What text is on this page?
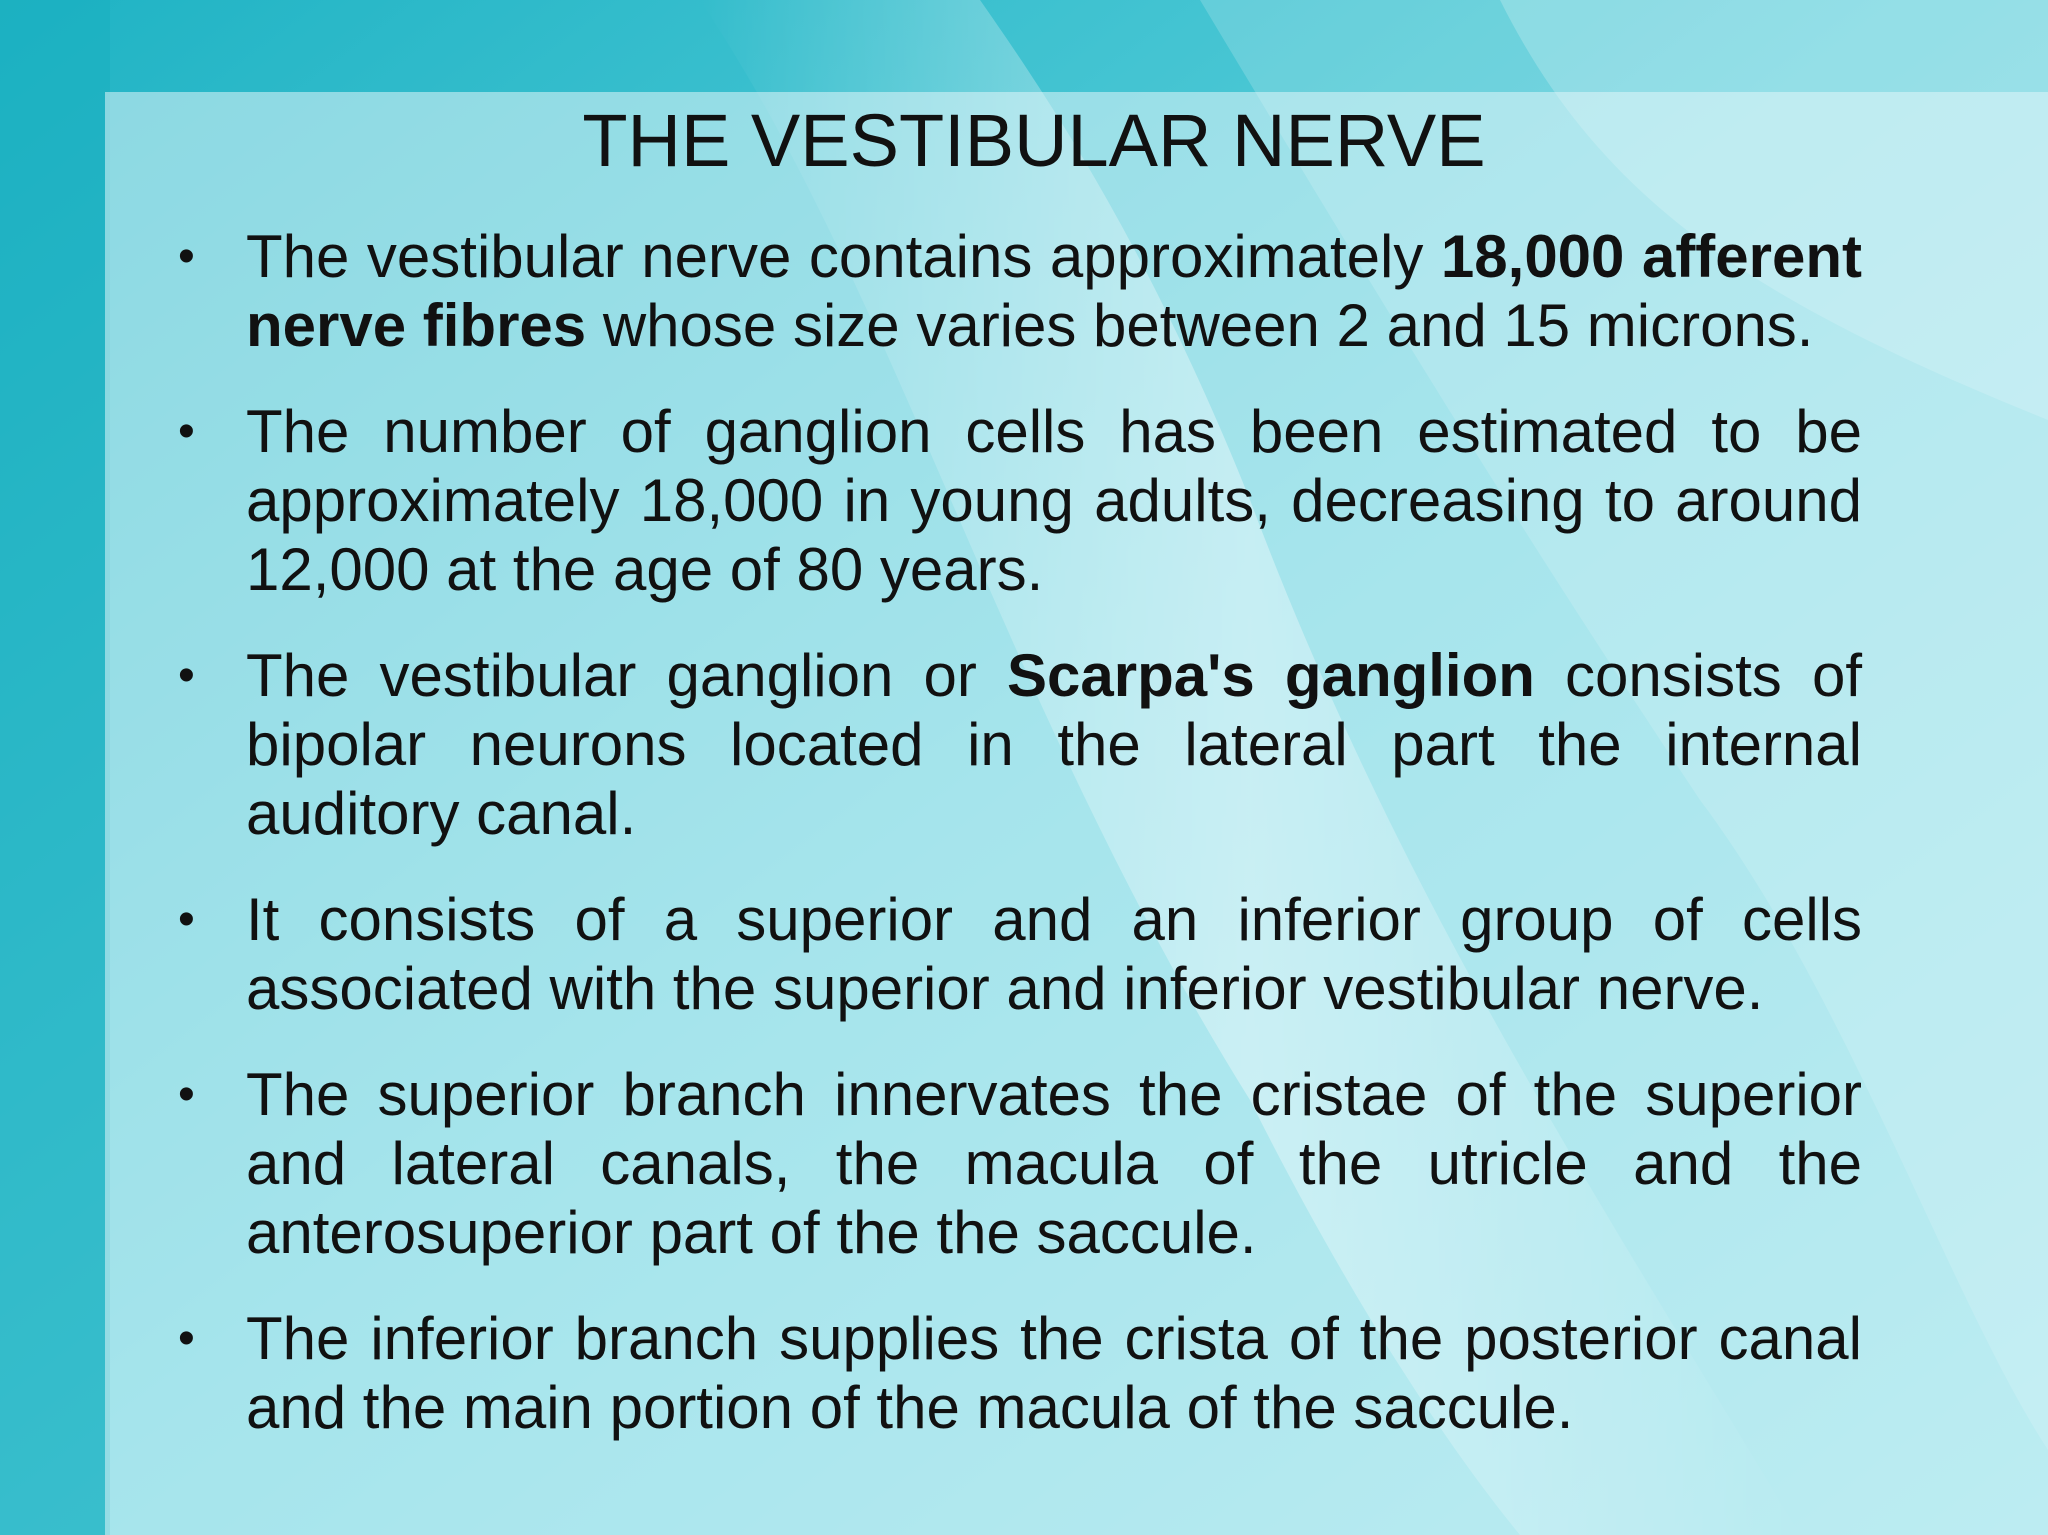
THE VESTIBULAR NERVE
• The vestibular nerve contains approximately 18,000 afferent nerve fibres whose size varies between 2 and 15 microns.
• The number of ganglion cells has been estimated to be approximately 18,000 in young adults, decreasing to around 12,000 at the age of 80 years.
• The vestibular ganglion or Scarpa's ganglion consists of bipolar neurons located in the lateral part the internal auditory canal.
• It consists of a superior and an inferior group of cells associated with the superior and inferior vestibular nerve.
• The superior branch innervates the cristae of the superior and lateral canals, the macula of the utricle and the anterosuperior part of the the saccule.
• The inferior branch supplies the crista of the posterior canal and the main portion of the macula of the saccule.
